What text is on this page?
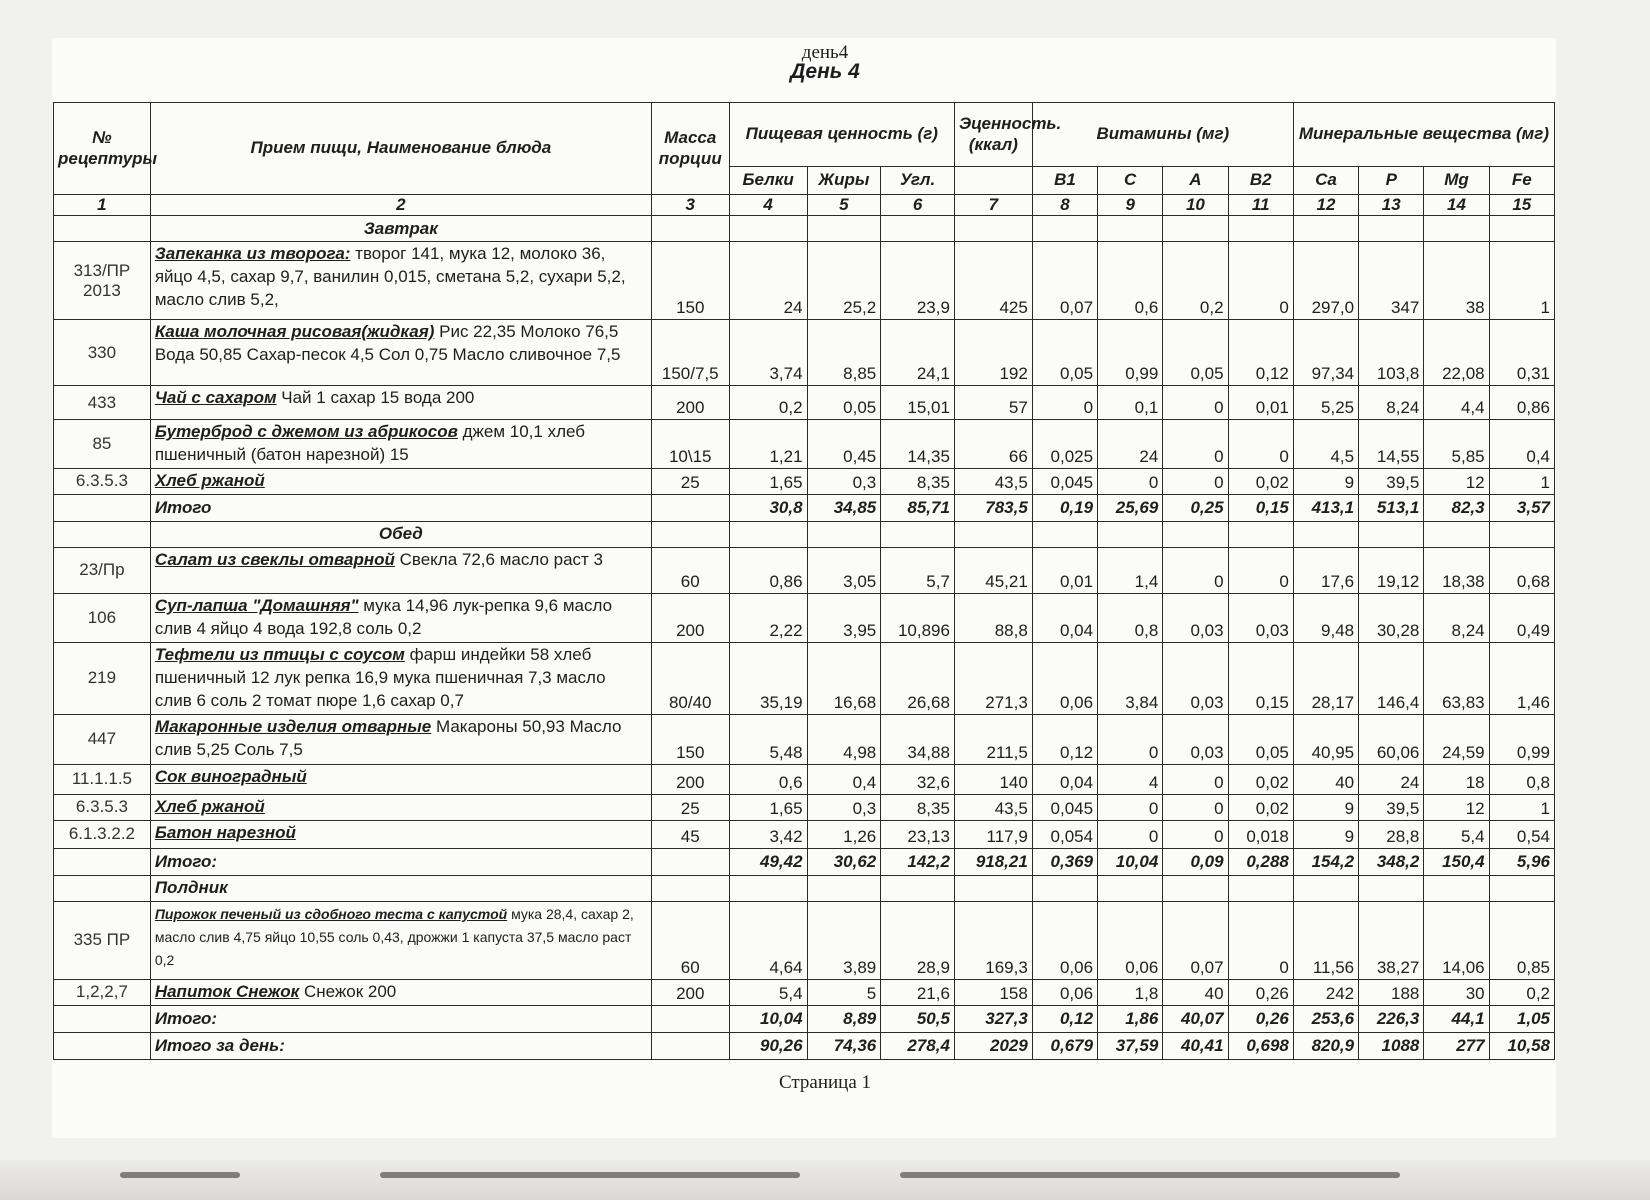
день4
День 4
№ рецептуры	Прием пищи, Наименование блюда	Масса порции	Пищевая ценность (г)			Эценность. (ккал)	Витамины (мг)				Минеральные вещества (мг)			
			Белки	Жиры	Угл.		B1	C	A	B2	Ca	P	Mg	Fe
1	2	3	4	5	6	7	8	9	10	11	12	13	14	15
	Завтрак													
313/ПР 2013	Запеканка из творога: творог 141, мука 12, молоко 36, яйцо 4,5, сахар 9,7, ванилин 0,015, сметана 5,2, сухари 5,2, масло слив 5,2,	150	24	25,2	23,9	425	0,07	0,6	0,2	0	297,0	347	38	1
330	Каша молочная рисовая(жидкая) Рис 22,35 Молоко 76,5 Вода 50,85 Сахар-песок 4,5 Сол 0,75 Масло сливочное 7,5	150/7,5	3,74	8,85	24,1	192	0,05	0,99	0,05	0,12	97,34	103,8	22,08	0,31
433	Чай с сахаром Чай 1 сахар 15 вода 200	200	0,2	0,05	15,01	57	0	0,1	0	0,01	5,25	8,24	4,4	0,86
85	Бутерброд с джемом из абрикосов джем 10,1 хлеб пшеничный (батон нарезной) 15	10\15	1,21	0,45	14,35	66	0,025	24	0	0	4,5	14,55	5,85	0,4
6.3.5.3	Хлеб ржаной	25	1,65	0,3	8,35	43,5	0,045	0	0	0,02	9	39,5	12	1
	Итого		30,8	34,85	85,71	783,5	0,19	25,69	0,25	0,15	413,1	513,1	82,3	3,57
	Обед													
23/Пр	Салат из свеклы отварной Свекла 72,6 масло раст 3	60	0,86	3,05	5,7	45,21	0,01	1,4	0	0	17,6	19,12	18,38	0,68
106	Суп-лапша "Домашняя" мука 14,96 лук-репка 9,6 масло слив 4 яйцо 4 вода 192,8 соль 0,2	200	2,22	3,95	10,896	88,8	0,04	0,8	0,03	0,03	9,48	30,28	8,24	0,49
219	Тефтели из птицы с соусом фарш индейки 58 хлеб пшеничный 12 лук репка 16,9 мука пшеничная 7,3 масло слив 6 соль 2 томат пюре 1,6 сахар 0,7	80/40	35,19	16,68	26,68	271,3	0,06	3,84	0,03	0,15	28,17	146,4	63,83	1,46
447	Макаронные изделия отварные Макароны 50,93 Масло слив 5,25 Соль 7,5	150	5,48	4,98	34,88	211,5	0,12	0	0,03	0,05	40,95	60,06	24,59	0,99
11.1.1.5	Сок виноградный	200	0,6	0,4	32,6	140	0,04	4	0	0,02	40	24	18	0,8
6.3.5.3	Хлеб ржаной	25	1,65	0,3	8,35	43,5	0,045	0	0	0,02	9	39,5	12	1
6.1.3.2.2	Батон нарезной	45	3,42	1,26	23,13	117,9	0,054	0	0	0,018	9	28,8	5,4	0,54
	Итого:		49,42	30,62	142,2	918,21	0,369	10,04	0,09	0,288	154,2	348,2	150,4	5,96
	Полдник													
335 ПР	Пирожок печеный из сдобного теста с капустой мука 28,4, сахар 2, масло слив 4,75 яйцо 10,55 соль 0,43, дрожжи 1 капуста 37,5 масло раст 0,2	60	4,64	3,89	28,9	169,3	0,06	0,06	0,07	0	11,56	38,27	14,06	0,85
1,2,2,7	Напиток Снежок Снежок 200	200	5,4	5	21,6	158	0,06	1,8	40	0,26	242	188	30	0,2
	Итого:		10,04	8,89	50,5	327,3	0,12	1,86	40,07	0,26	253,6	226,3	44,1	1,05
	Итого за день:		90,26	74,36	278,4	2029	0,679	37,59	40,41	0,698	820,9	1088	277	10,58
Страница 1
